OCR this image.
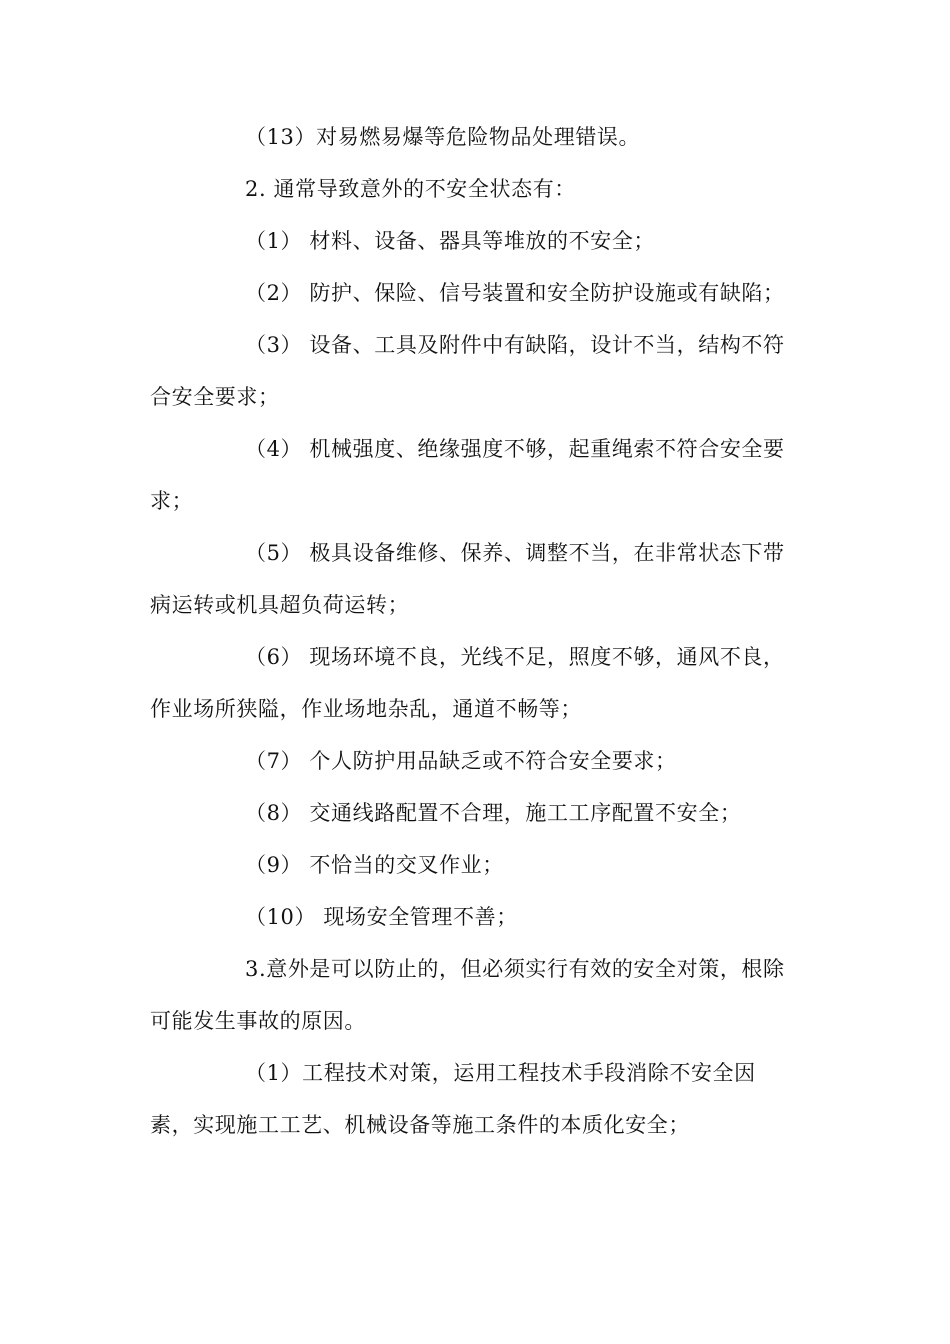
（13）对易燃易爆等危险物品处理错误。
2. 通常导致意外的不安全状态有：
（1） 材料、设备、器具等堆放的不安全；
（2） 防护、保险、信号装置和安全防护设施或有缺陷；
（3） 设备、工具及附件中有缺陷，设计不当，结构不符
合安全要求；
（4） 机械强度、绝缘强度不够，起重绳索不符合安全要
求；
（5） 极具设备维修、保养、调整不当，在非常状态下带
病运转或机具超负荷运转；
（6） 现场环境不良，光线不足，照度不够，通风不良，
作业场所狭隘，作业场地杂乱，通道不畅等；
（7） 个人防护用品缺乏或不符合安全要求；
（8） 交通线路配置不合理，施工工序配置不安全；
（9） 不恰当的交叉作业；
（10） 现场安全管理不善；
3.意外是可以防止的，但必须实行有效的安全对策，根除
可能发生事故的原因。
（1）工程技术对策，运用工程技术手段消除不安全因
素，实现施工工艺、机械设备等施工条件的本质化安全；
